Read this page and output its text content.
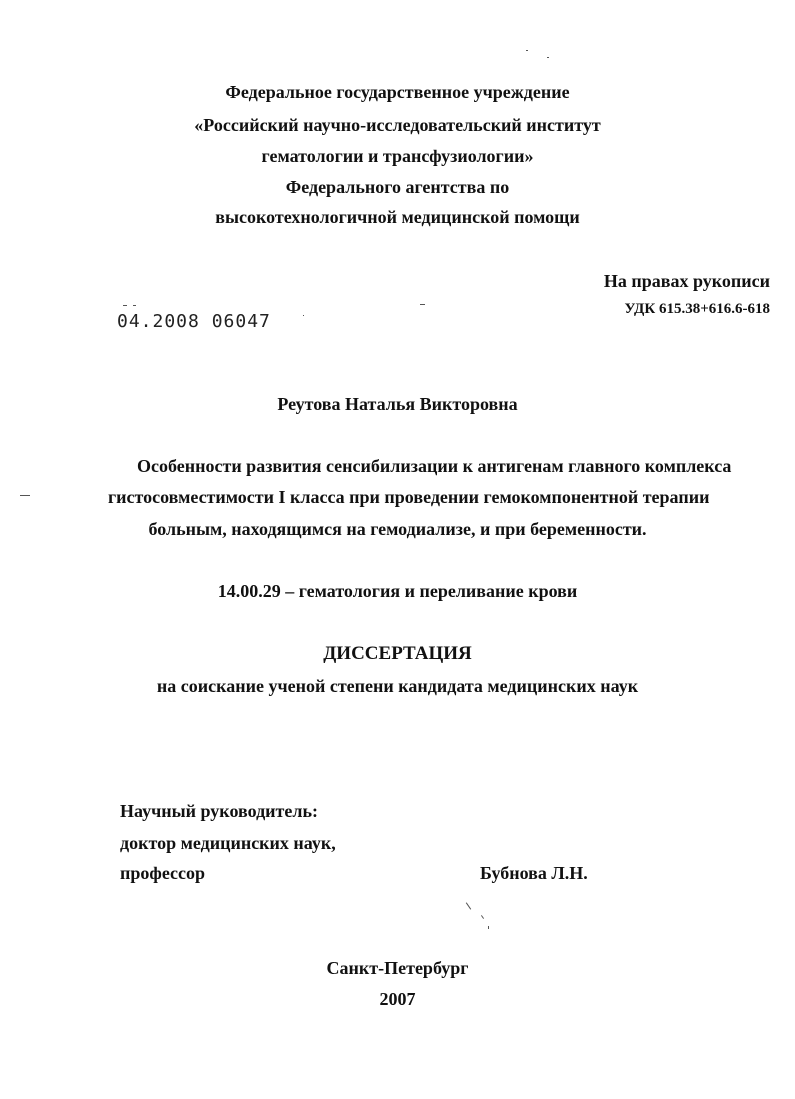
Федеральное государственное учреждение
«Российский научно-исследовательский институт
гематологии и трансфузиологии»
Федерального агентства по
высокотехнологичной медицинской помощи
На правах рукописи
УДК 615.38+616.6-618
04.2008 06047
Реутова Наталья Викторовна
Особенности развития сенсибилизации к антигенам главного комплекса
гистосовместимости I класса при проведении гемокомпонентной терапии
больным, находящимся на гемодиализе, и при беременности.
14.00.29 – гематология и переливание крови
ДИССЕРТАЦИЯ
на соискание ученой степени кандидата медицинских наук
Научный руководитель:
доктор медицинских наук,
профессор	Бубнова Л.Н.
Санкт-Петербург
2007
